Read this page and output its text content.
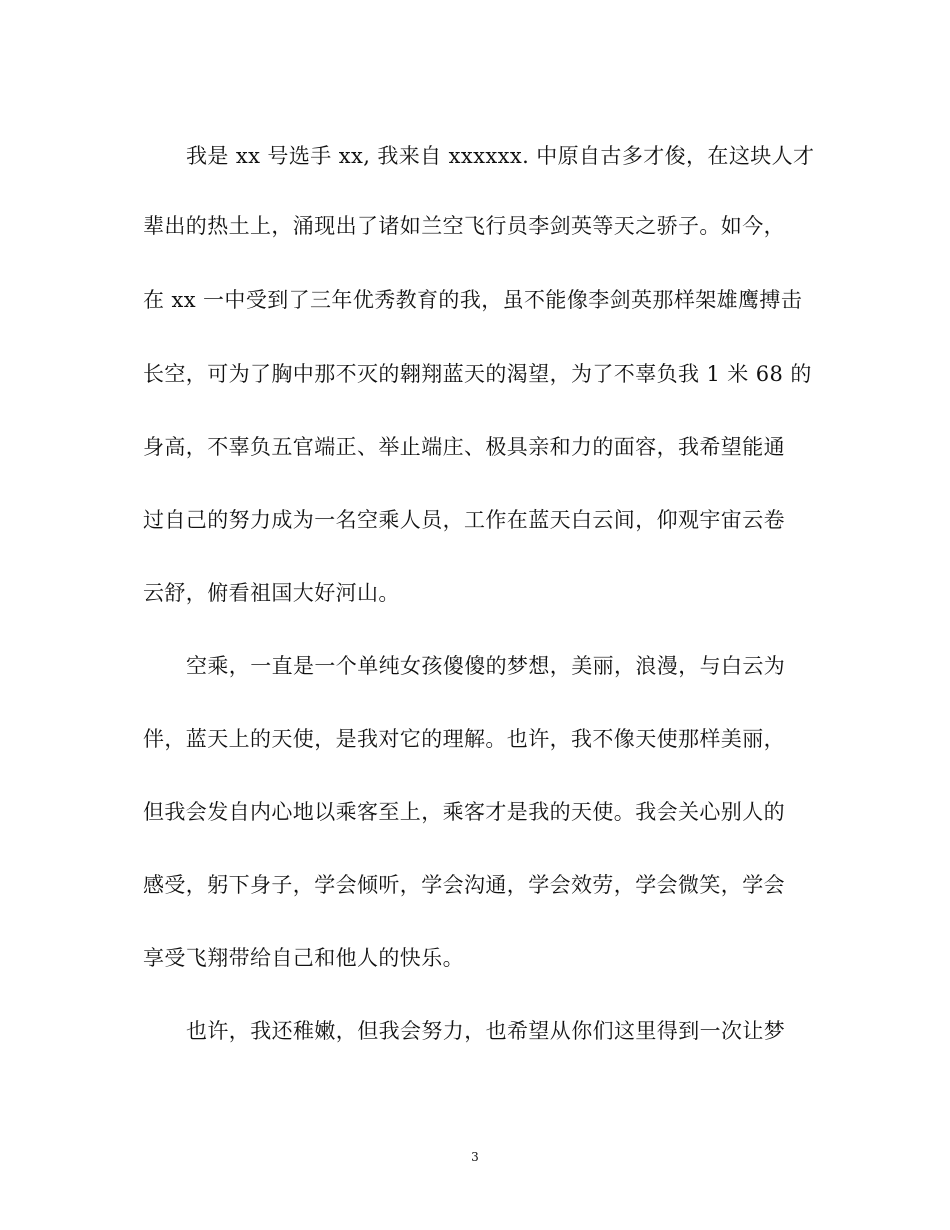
我是 xx 号选手 xx, 我来自 xxxxxx. 中原自古多才俊，在这块人才
辈出的热土上，涌现出了诸如兰空飞行员李剑英等天之骄子。如今，
在 xx 一中受到了三年优秀教育的我，虽不能像李剑英那样架雄鹰搏击
长空，可为了胸中那不灭的翱翔蓝天的渴望，为了不辜负我 1 米 68 的
身高，不辜负五官端正、举止端庄、极具亲和力的面容，我希望能通
过自己的努力成为一名空乘人员，工作在蓝天白云间，仰观宇宙云卷
云舒，俯看祖国大好河山。
空乘，一直是一个单纯女孩傻傻的梦想，美丽，浪漫，与白云为
伴，蓝天上的天使，是我对它的理解。也许，我不像天使那样美丽，
但我会发自内心地以乘客至上，乘客才是我的天使。我会关心别人的
感受，躬下身子，学会倾听，学会沟通，学会效劳，学会微笑，学会
享受飞翔带给自己和他人的快乐。
也许，我还稚嫩，但我会努力，也希望从你们这里得到一次让梦
3
